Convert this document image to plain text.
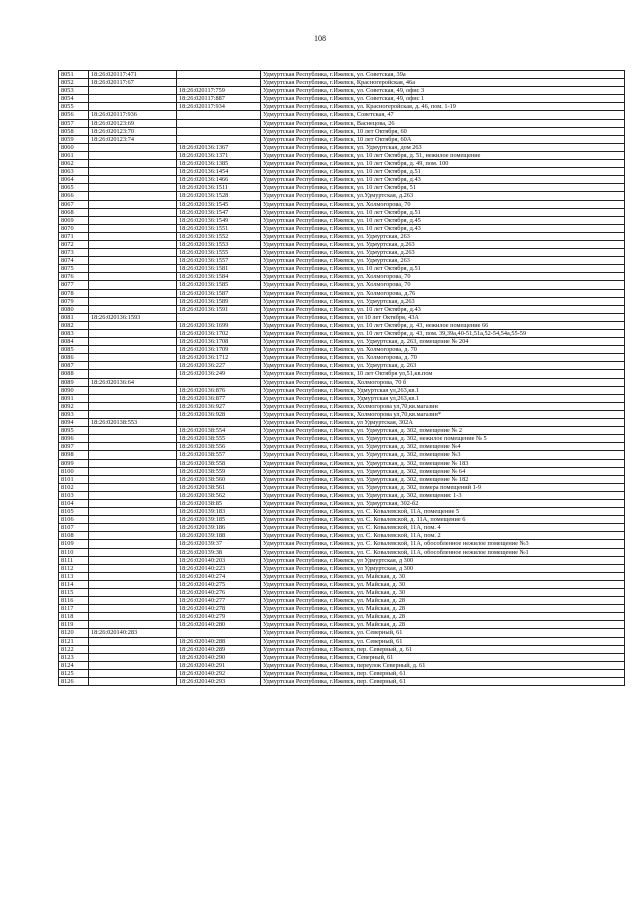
108
8051	18:26:020117:471		Удмуртская Республика, г.Ижевск, ул. Советская, 39а
8052	18:26:020117:67		Удмуртская Республика, г.Ижевск, Красногеройская, 46а
8053		18:26:020117:759	Удмуртская Республика, г.Ижевск, ул. Советская, 49, офис 3
8054		18:26:020117:887	Удмуртская Республика, г.Ижевск, ул. Советская, 49, офис 1
8055		18:26:020117:934	Удмуртская Республика, г.Ижевск, ул. Красногеройская, д. 46, пом. 1-19
8056	18:26:020117:936		Удмуртская Республика, г.Ижевск, Советская, 47
8057	18:26:020123:69		Удмуртская Республика, г.Ижевск, Васнецова, 26
8058	18:26:020123:70		Удмуртская Республика, г.Ижевск, 10 лет Октября, 60
8059	18:26:020123:74		Удмуртская Республика, г.Ижевск, 10 лет Октября, 60А
8060		18:26:020136:1367	Удмуртская Республика, г.Ижевск, ул. Удмуртская, дом 263
8061		18:26:020136:1371	Удмуртская Республика, г.Ижевск, ул. 10 лет Октября, д. 51, нежилое помещение
8062		18:26:020136:1385	Удмуртская Республика, г.Ижевск, ул. 10 лет Октября, д. 49, пом. 100
8063		18:26:020136:1454	Удмуртская Республика, г.Ижевск, ул. 10 лет Октября, д.51
8064		18:26:020136:1466	Удмуртская Республика, г.Ижевск, ул. 10 лет Октября, д.43
8065		18:26:020136:1511	Удмуртская Республика, г.Ижевск, ул. 10 лет Октября, 51
8066		18:26:020136:1528	Удмуртская Республика, г.Ижевск, ул.Удмуртская, д.263
8067		18:26:020136:1545	Удмуртская Республика, г.Ижевск, ул. Холмогорова, 70
8068		18:26:020136:1547	Удмуртская Республика, г.Ижевск, ул. 10 лет Октября, д.51
8069		18:26:020136:1549	Удмуртская Республика, г.Ижевск, ул. 10 лет Октября, д.45
8070		18:26:020136:1551	Удмуртская Республика, г.Ижевск, ул. 10 лет Октября, д.43
8071		18:26:020136:1552	Удмуртская Республика, г.Ижевск, ул. Удмуртская, 263
8072		18:26:020136:1553	Удмуртская Республика, г.Ижевск, ул. Удмуртская, д.263
8073		18:26:020136:1555	Удмуртская Республика, г.Ижевск, ул. Удмуртская, д.263
8074		18:26:020136:1557	Удмуртская Республика, г.Ижевск, ул. Удмуртская, 263
8075		18:26:020136:1581	Удмуртская Республика, г.Ижевск, ул. 10 лет Октября, д.51
8076		18:26:020136:1584	Удмуртская Республика, г.Ижевск, ул. Холмогорова, 70
8077		18:26:020136:1585	Удмуртская Республика, г.Ижевск, ул. Холмогорова, 70
8078		18:26:020136:1587	Удмуртская Республика, г.Ижевск, ул. Холмогорова, д.76
8079		18:26:020136:1589	Удмуртская Республика, г.Ижевск, ул. Удмуртская, д.263
8080		18:26:020136:1591	Удмуртская Республика, г.Ижевск, ул. 10 лет Октября, д.43
8081	18:26:020136:1593		Удмуртская Республика, г.Ижевск, ул 10 лет Октября, 43А
8082		18:26:020136:1699	Удмуртская Республика, г.Ижевск, ул. 10 лет Октября, д. 43, нежилое помещение 66
8083		18:26:020136:1702	Удмуртская Республика, г.Ижевск, ул. 10 лет Октября, д. 43, пом. 39,39а,40-51,51а,52-54,54а,55-59
8084		18:26:020136:1708	Удмуртская Республика, г.Ижевск, ул. Удмуртская, д. 263, помещение № 204
8085		18:26:020136:1709	Удмуртская Республика, г.Ижевск, ул. Холмогорова, д. 70
8086		18:26:020136:1712	Удмуртская Республика, г.Ижевск, ул. Холмогорова, д. 70
8087		18:26:020136:227	Удмуртская Республика, г.Ижевск, ул. Удмуртская, д. 263
8088		18:26:020136:249	Удмуртская Республика, г.Ижевск, 10 лет Октября ул,51,кв.пом
8089	18:26:020136:64		Удмуртская Республика, г.Ижевск, Холмогорова, 70 б
8090		18:26:020136:876	Удмуртская Республика, г.Ижевск, Удмуртская ул,263,кв.1
8091		18:26:020136:877	Удмуртская Республика, г.Ижевск, Удмуртская ул,263,кв.1
8092		18:26:020136:927	Удмуртская Республика, г.Ижевск, Холмогорова ул,70,кв.магазин
8093		18:26:020136:928	Удмуртская Республика, г.Ижевск, Холмогорова ул,70,кв.магазин*
8094	18:26:020138:553		Удмуртская Республика, г.Ижевск, ул Удмуртская, 302А
8095		18:26:020138:554	Удмуртская Республика, г.Ижевск, ул. Удмуртская, д. 302, помещение № 2
8096		18:26:020138:555	Удмуртская Республика, г.Ижевск, ул. Удмуртская, д. 302, нежилое помещение № 5
8097		18:26:020138:556	Удмуртская Республика, г.Ижевск, ул. Удмуртская, д. 302, помещение №4
8098		18:26:020138:557	Удмуртская Республика, г.Ижевск, ул. Удмуртская, д. 302, помещение №3
8099		18:26:020138:558	Удмуртская Республика, г.Ижевск, ул. Удмуртская, д. 302, помещение № 183
8100		18:26:020138:559	Удмуртская Республика, г.Ижевск, ул. Удмуртская, д. 302, помещение № 64
8101		18:26:020138:560	Удмуртская Республика, г.Ижевск, ул. Удмуртская, д. 302, помещение № 182
8102		18:26:020138:561	Удмуртская Республика, г.Ижевск, ул. Удмуртская, д. 302, помера помещений 1-9
8103		18:26:020138:562	Удмуртская Республика, г.Ижевск, ул. Удмуртская, д. 302, помещения: 1-3
8104		18:26:020138:85	Удмуртская Республика, г.Ижевск, ул. Удмуртская, 302-б2
8105		18:26:020139:183	Удмуртская Республика, г.Ижевск, ул. С. Ковалевской, 11А, помещение 5
8106		18:26:020139:185	Удмуртская Республика, г.Ижевск, ул. С. Ковалевской, д. 11А, помещение 6
8107		18:26:020139:186	Удмуртская Республика, г.Ижевск, ул. С. Ковалевской, 11А, пом. 4
8108		18:26:020139:188	Удмуртская Республика, г.Ижевск, ул. С. Ковалевской, 11А, пом. 2
8109		18:26:020139:37	Удмуртская Республика, г.Ижевск, ул. С. Ковалевской, 11А, обособленное нежилое помещение №3
8110		18:26:020139:38	Удмуртская Республика, г.Ижевск, ул. С. Ковалевской, 11А, обособленное нежилое помещение №1
8111		18:26:020140:203	Удмуртская Республика, г.Ижевск, ул Удмуртская, д 300
8112		18:26:020140:223	Удмуртская Республика, г.Ижевск, ул Удмуртская, д 300
8113		18:26:020140:274	Удмуртская Республика, г.Ижевск, ул. Майская, д. 30
8114		18:26:020140:275	Удмуртская Республика, г.Ижевск, ул. Майская, д. 30
8115		18:26:020140:276	Удмуртская Республика, г.Ижевск, ул. Майская, д. 30
8116		18:26:020140:277	Удмуртская Республика, г.Ижевск, ул. Майская, д. 28
8117		18:26:020140:278	Удмуртская Республика, г.Ижевск, ул. Майская, д. 28
8118		18:26:020140:279	Удмуртская Республика, г.Ижевск, ул. Майская, д. 28
8119		18:26:020140:280	Удмуртская Республика, г.Ижевск, ул. Майская, д. 28
8120	18:26:020140:283		Удмуртская Республика, г.Ижевск, ул. Северный, 61
8121		18:26:020140:288	Удмуртская Республика, г.Ижевск, ул. Северный, 61
8122		18:26:020140:289	Удмуртская Республика, г.Ижевск, пер. Северный, д. 61
8123		18:26:020140:290	Удмуртская Республика, г.Ижевск, Северный, 61
8124		18:26:020140:291	Удмуртская Республика, г.Ижевск, переулок Северный, д. 61
8125		18:26:020140:292	Удмуртская Республика, г.Ижевск, пер. Северный, 61
8126		18:26:020140:293	Удмуртская Республика, г.Ижевск, пер. Северный, 61
